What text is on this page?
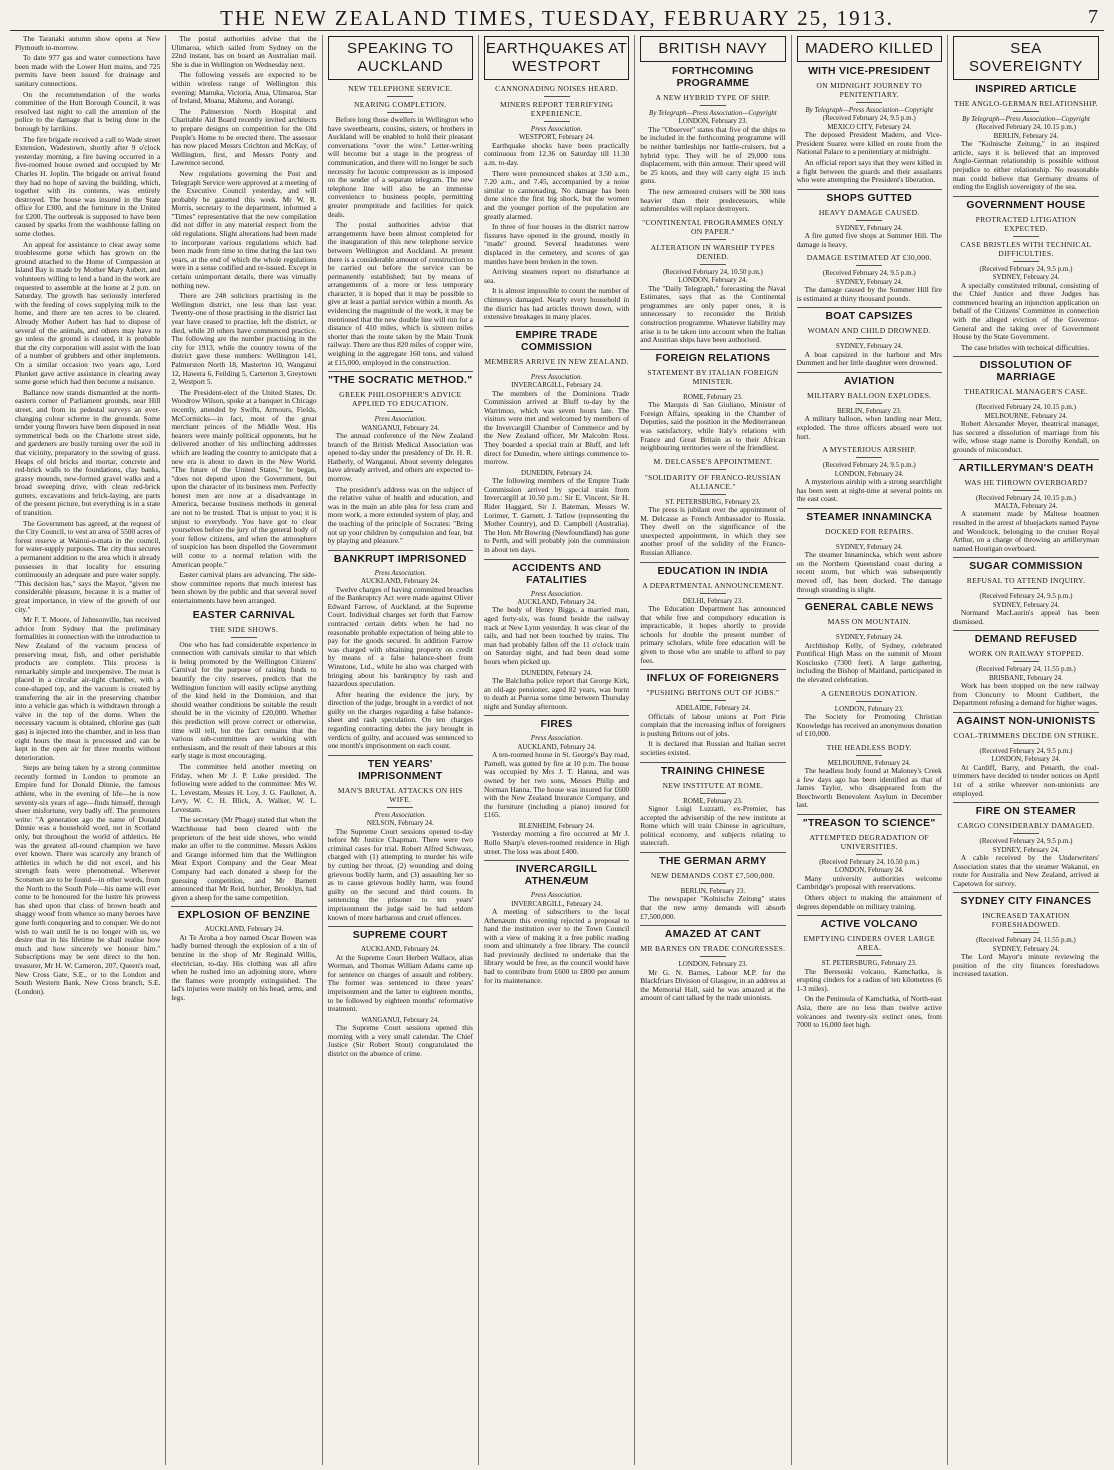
THE NEW ZEALAND TIMES, TUESDAY, FEBRUARY 25, 1913.	7

The Taranaki autumn show opens at New Plymouth to-morrow.

To date 977 gas and water connections have been made with the Lower Hutt mains, and 725 permits have been issued for drainage and sanitary connections.

On the recommendation of the works committee of the Hutt Borough Council, it was resolved last night to call the attention of the police to the damage that is being done in the borough by larrikins.

The fire brigade received a call to Wade street Extension, Wadestown, shortly after 9 o'clock yesterday morning, a fire having occurred in a five-roomed house owned and occupied by Mr Charles H. Joplin. The brigade on arrival found they had no hope of saving the building, which, together with its contents, was entirely destroyed. The house was insured in the State office for £300, and the furniture in the United for £200. The outbreak is supposed to have been caused by sparks from the washhouse falling on some clothes.

An appeal for assistance to clear away some troublesome gorse which has grown on the ground attached to the Home of Compassion at Island Bay is made by Mother Mary Aubert, and volunteers willing to lend a hand in the work are requested to assemble at the home at 2 p.m. on Saturday. The growth has seriously interfered with the feeding of cows supplying milk to the home, and there are ten acres to be cleared. Already Mother Aubert has had to dispose of several of the animals, and others may have to go unless the ground is cleared, it is probable that the city corporation will assist with the loan of a number of grubbers and other implements. On a similar occasion two years ago, Lord Plunket gave active assistance in clearing away some gorse which had then become a nuisance.

Ballance now stands dismantled at the north-eastern corner of Parliament grounds, near Hill street, and from its pedestal surveys an ever-changing colour scheme in the grounds. Some tender young flowers have been disposed in neat symmetrical beds on the Charlotte street side, and gardeners are busily turning over the soil in that vicinity, preparatory to the sowing of grass. Heaps of old bricks and mortar, concrete and red-brick walls to the foundations, clay banks, grassy mounds, new-formed gravel walks and a broad sweeping drive, with clean red-brick gutters, excavations and brick-laying, are parts of the present picture, but everything is in a state of transition.

The Government has agreed, at the request of the City Council, to vest an area of 5500 acres of forest reserve at Wainui-o-mata in the council, for water-supply purposes. The city thus secures a permanent addition to the area which it already possesses in that locality for ensuring continuously an adequate and pure water supply. "This decision has," says the Mayor, "given me considerable pleasure, because it is a matter of great importance, in view of the growth of our city."

Mr F. T. Moore, of Johnsonville, has received advice from Sydney that the preliminary formalities in connection with the introduction to New Zealand of the vacuum process of preserving meat, fish, and other perishable products are complete. This process is remarkably simple and inexpensive. The meat is placed in a circular air-tight chamber, with a cone-shaped top, and the vacuum is created by transferring the air in the preserving chamber into a vehicle gas which is withdrawn through a valve in the top of the dome. When the necessary vacuum is obtained, chlorine gas (salt gas) is injected into the chamber, and in less than eight hours the meat is processed and can be kept in the open air for three months without deterioration.

Steps are being taken by a strong committee recently formed in London to promote an Empire fund for Donald Dinnie, the famous athlete, who in the evening of life—he is now seventy-six years of age—finds himself, through sheer misfortune, very badly off. The promoters write: "A generation ago the name of Donald Dinnie was a household word, not in Scotland only, but throughout the world of athletics. He was the greatest all-round champion we have ever known. There was scarcely any branch of athletics in which he did not excel, and his strength feats were phenomenal. Wherever Scotsmen are to be found—in other words, from the North to the South Pole—his name will ever come to be honoured for the lustre his prowess has shed upon that class of brown heath and shaggy wood' from whence so many heroes have gone forth conquering and to conquer. We do not wish to wait until he is no longer with us, we desire that in his lifetime he shall realise how much and how sincerely we honour him." Subscriptions may be sent direct to the hon. treasurer, Mr H. W. Cameron, 207, Queen's road, New Cross Gate, S.E., or to the London and South Western Bank, New Cross branch, S.E. (London).

The postal authorities advise that the Ulimaroa, which sailed from Sydney on the 22nd instant, has on board an Australian mail. She is due in Wellington on Wednesday next.

The following vessels are expected to be within wireless range of Wellington this evening: Manuka, Victoria, Atua, Ulimaroa, Star of Ireland, Moana, Maheno, and Aorangi.

The Palmerston North Hospital and Charitable Aid Board recently invited architects to prepare designs on competition for the Old People's Home to be erected there. The assessor has now placed Messrs Crichton and McKay, of Wellington, first, and Messrs Ponty and Lawrence second.

New regulations governing the Post and Telegraph Service were approved at a meeting of the Executive Council yesterday, and will probably be gazetted this week. Mr W. R. Morris, secretary to the department, informed a "Times" representative that the new compilation did not differ in any material respect from the old regulations. Slight alterations had been made to incorporate various regulations which had been made from time to time during the last two years, at the end of which the whole regulations were in a sense codified and re-issued. Except in certain unimportant details, there was virtually nothing new.

There are 248 solicitors practising in the Wellington district, one less than last year. Twenty-one of those practising in the district last year have ceased to practise, left the district, or died, while 20 others have commenced practice. The following are the number practising in the city for 1913, while the country towns of the district gave these numbers: Wellington 141, Palmerston North 18, Masterton 10, Wanganui 12, Hawera 6, Feilding 5, Carterton 3, Greytown 2, Westport 5.

The President-elect of the United States, Dr. Woodrow Wilson, spoke at a banquet in Chicago recently, attended by Swifts, Armours, Fields, McCormicks—in fact, most of the great merchant princes of the Middle West. His hearers were mainly political opponents, but he delivered another of his unflinching addresses which are leading the country to anticipate that a new era is about to dawn in the New World. "The future of the United States," he began, "does not depend upon the Government, but upon the character of its business men. Perfectly honest men are now at a disadvantage in America, because business methods in general are not to be trusted. That is unjust to you; it is unjust to everybody. You have got to clear yourselves before the jury of the general body of your fellow citizens, and when the atmosphere of suspicion has been dispelled the Government will come to a normal relation with the American people."

Easter carnival plans are advancing. The side-show committee reports that much interest has been shown by the public and that several novel entertainments have been arranged.

EASTER CARNIVAL
THE SIDE SHOWS.

One who has had considerable experience in connection with carnivals similar to that which is being promoted by the Wellington Citizens' Carnival for the purpose of raising funds to beautify the city reserves, predicts that the Wellington function will easily eclipse anything of the kind held in the Dominion, and that should weather conditions be suitable the result should be in the vicinity of £20,000. Whether this prediction will prove correct or otherwise, time will tell, but the fact remains that the various sub-committees are working with enthusiasm, and the result of their labours at this early stage is most encouraging.

The committee held another meeting on Friday, when Mr J. P. Luke presided. The following were added to the committee: Mrs W. L. Levestam, Messrs H. Loy, J. G. Faulkner, A. Levy, W. C. H. Blick, A. Walker, W. L. Levestam.

The secretary (Mr Phage) stated that when the Watchhouse had been cleared with the proprietors of the best side shows, who would make an offer to the committee. Messrs Askins and Grange informed him that the Wellington Meat Export Company and the Gear Meat Company had each donated a sheep for the guessing competition, and Mr Barnett announced that Mr Reid, butcher, Brooklyn, had given a sheep for the same competition.

EXPLOSION OF BENZINE
AUCKLAND, February 24.

At Te Aroha a boy named Oscar Bowen was badly burned through the explosion of a tin of benzine in the shop of Mr Reginald Willis, electrician, to-day. His clothing was all afire when he rushed into an adjoining store, where the flames were promptly extinguished. The lad's injuries were mainly on his head, arms, and legs.

SPEAKING TO AUCKLAND
NEW TELEPHONE SERVICE.
NEARING COMPLETION.

Before long those dwellers in Wellington who have sweethearts, cousins, sisters, or brothers in Auckland will be enabled to hold their pleasant conversations "over the wire." Letter-writing will become but a stage in the progress of communication, and there will no longer be such necessity for laconic compression as is imposed on the sender of a separate telegram. The new telephone line will also be an immense convenience to business people, permitting greater promptitude and facilities for quick deals.

The postal authorities advise that arrangements have been almost completed for the inauguration of this new telephone service between Wellington and Auckland. At present there is a considerable amount of construction to be carried out before the service can be permanently established; but by means of arrangements of a more or less temporary character, it is hoped that it may be possible to give at least a partial service within a month. As evidencing the magnitude of the work, it may be mentioned that the new double line will run for a distance of 410 miles, which is sixteen miles shorter than the route taken by the Main Trunk railway. There are thus 820 miles of copper wire, weighing in the aggregate 160 tons, and valued at £15,000, employed in the construction.

"THE SOCRATIC METHOD."
GREEK PHILOSOPHER'S ADVICE APPLIED TO EDUCATION.
Press Association.
WANGANUI, February 24.

The annual conference of the New Zealand branch of the British Medical Association was opened to-day under the presidency of Dr. H. R. Hatherly, of Wanganui. About seventy delegates have already arrived, and others are expected to-morrow.

The president's address was on the subject of the relative value of health and education, and was in the main an able plea for less cram and more work, a more extended system of play, and the teaching of the principle of Socrates: "Bring not up your children by compulsion and fear, but by playing and pleasure."

BANKRUPT IMPRISONED
Press Association.
AUCKLAND, February 24.

Twelve charges of having committed breaches of the Bankruptcy Act were made against Oliver Edward Farrow, of Auckland, at the Supreme Court. Individual charges set forth that Farrow contracted certain debts when he had no reasonable probable expectation of being able to pay for the goods secured. In addition Farrow was charged with obtaining property on credit by means of a false balance-sheet from Winstone, Ltd., while he also was charged with bringing about his bankruptcy by rash and hazardous speculation.

After hearing the evidence the jury, by direction of the judge, brought in a verdict of not guilty on the charges regarding a false balance-sheet and rash speculation. On ten charges regarding contracting debts the jury brought in verdicts of guilty, and accused was sentenced to one month's imprisonment on each count.

TEN YEARS' IMPRISONMENT
MAN'S BRUTAL ATTACKS ON HIS WIFE.
Press Association.
NELSON, February 24.

The Supreme Court sessions opened to-day before Mr Justice Chapman. There were two criminal cases for trial. Robert Alfred Schwass, charged with (1) attempting to murder his wife by cutting her throat, (2) wounding and doing grievous bodily harm, and (3) assaulting her so as to cause grievous bodily harm, was found guilty on the second and third counts. In sentencing the prisoner to ten years' imprisonment the judge said he had seldom known of more barbarous and cruel offences.

SUPREME COURT
AUCKLAND, February 24.

At the Supreme Court Herbert Wallace, alias Worman, and Thomas William Adams came up for sentence on charges of assault and robbery. The former was sentenced to three years' imprisonment and the latter to eighteen months, to be followed by eighteen months' reformative treatment.

WANGANUI, February 24.

The Supreme Court sessions opened this morning with a very small calendar. The Chief Justice (Sir Robert Stout) congratulated the district on the absence of crime.

EARTHQUAKES AT WESTPORT
CANNONADING NOISES HEARD.
MINERS REPORT TERRIFYING EXPERIENCE.
Press Association.
WESTPORT, February 24.

Earthquake shocks have been practically continuous from 12.36 on Saturday till 11.30 a.m. to-day.

There were pronounced shakes at 3.50 a.m., 7.20 a.m., and 7.45, accompanied by a noise similar to cannonading. No damage has been done since the first big shock, but the women and the younger portion of the population are greatly alarmed.

In three of four houses in the district narrow fissures have opened in the ground, mostly in "made" ground. Several headstones were displaced in the cemetery, and scores of gas mantles have been broken in the town.

Arriving steamers report no disturbance at sea.

It is almost impossible to count the number of chimneys damaged. Nearly every household in the district has had articles thrown down, with extensive breakages in many places.

EMPIRE TRADE COMMISSION
MEMBERS ARRIVE IN NEW ZEALAND.
Press Association.
INVERCARGILL, February 24.

The members of the Dominions Trade Commission arrived at Bluff to-day by the Warrimoo, which was seven hours late. The visitors were met and welcomed by members of the Invercargill Chamber of Commerce and by the New Zealand officer, Mr Malcolm Ross. They boarded a special train at Bluff, and left direct for Dunedin, where sittings commence to-morrow.

DUNEDIN, February 24.

The following members of the Empire Trade Commission arrived by special train from Invercargill at 10.50 p.m.: Sir E. Vincent, Sir H. Rider Haggard, Sir J. Bateman, Messrs W. Lorimer, T. Garnett, J. Tatlow (representing the Mother Country), and D. Campbell (Australia). The Hon. Mr Bowring (Newfoundland) has gone to Perth, and will probably join the commission in about ten days.

ACCIDENTS AND FATALITIES
Press Association.
AUCKLAND, February 24.

The body of Henry Biggs, a married man, aged forty-six, was found beside the railway track at New Lynn yesterday. It was clear of the rails, and had not been touched by trains. The man had probably fallen off the 11 o'clock train on Saturday night, and had been dead some hours when picked up.

DUNEDIN, February 24.

The Balclutha police report that George Kirk, an old-age pensioner, aged 82 years, was burnt to death at Puerua some time between Thursday night and Sunday afternoon.

FIRES
Press Association.
AUCKLAND, February 24.

A ten-roomed house in St. George's Bay road, Parnell, was gutted by fire at 10 p.m. The house was occupied by Mrs J. T. Hanna, and was owned by her two sons, Messrs Philip and Norman Hanna. The house was insured for £600 with the New Zealand Insurance Company, and the furniture (including a piano) insured for £165.

BLENHEIM, February 24.

Yesterday morning a fire occurred at Mr J. Rollo Sharp's eleven-roomed residence in High street. The loss was about £400.

INVERCARGILL ATHENÆUM
Press Association.
INVERCARGILL, February 24.

A meeting of subscribers to the local Athenæum this evening rejected a proposal to hand the institution over to the Town Council with a view of making it a free public reading room and ultimately a free library. The council had previously declined to undertake that the library would be free, as the council would have had to contribute from £600 to £800 per annum for its maintenance.

BRITISH NAVY
FORTHCOMING PROGRAMME
A NEW HYBRID TYPE OF SHIP.
By Telegraph—Press Association—Copyright
LONDON, February 23.

The "Observer" states that five of the ships to be included in the forthcoming programme will be neither battleships nor battle-cruisers, but a hybrid type. They will be of 29,000 tons displacement, with thin armour. Their speed will be 25 knots, and they will carry eight 15 inch guns.

The new armoured cruisers will be 300 tons heavier than their predecessors, while submersibles will replace destroyers.

"CONTINENTAL PROGRAMMES ONLY ON PAPER."
ALTERATION IN WARSHIP TYPES DENIED.
(Received February 24, 10.50 p.m.)
LONDON, February 24.

The "Daily Telegraph," forecasting the Naval Estimates, says that as the Continental programmes are only paper ones, it is unnecessary to reconsider the British construction programme. Whatever liability may arise is to be taken into account when the Italian and Austrian ships have been authorised.

FOREIGN RELATIONS
STATEMENT BY ITALIAN FOREIGN MINISTER.
ROME, February 23.

The Marquis di San Giuliano, Minister of Foreign Affairs, speaking in the Chamber of Deputies, said the position in the Mediterranean was satisfactory, while Italy's relations with France and Great Britain as to their African neighbouring territories were of the friendliest.

M. DELCASSE'S APPOINTMENT.
"SOLIDARITY OF FRANCO-RUSSIAN ALLIANCE."
ST. PETERSBURG, February 23.

The press is jubilant over the appointment of M. Delcasse as French Ambassador to Russia. They dwell on the significance of the unexpected appointment, in which they see another proof of the solidity of the Franco-Russian Alliance.

EDUCATION IN INDIA
A DEPARTMENTAL ANNOUNCEMENT.
DELHI, February 23.

The Education Department has announced that while free and compulsory education is impracticable, it hopes shortly to provide schools for double the present number of primary scholars, while free education will be given to those who are unable to afford to pay fees.

INFLUX OF FOREIGNERS
"PUSHING BRITONS OUT OF JOBS."
ADELAIDE, February 24.

Officials of labour unions at Port Pirie complain that the increasing influx of foreigners is pushing Britons out of jobs.

It is declared that Russian and Italian secret societies existed.

TRAINING CHINESE
NEW INSTITUTE AT ROME.
ROME, February 23.

Signor Luigi Luzzatti, ex-Premier, has accepted the advisership of the new institute at Rome which will train Chinese in agriculture, political economy, and subjects relating to statecraft.

THE GERMAN ARMY
NEW DEMANDS COST £7,500,000.
BERLIN, February 23.

The newspaper "Kolnische Zeitung" states that the new army demands will absorb £7,500,000.

AMAZED AT CANT
MR BARNES ON TRADE CONGRESSES.
LONDON, February 23.

Mr G. N. Barnes, Labour M.P. for the Blackfriars Division of Glasgow, in an address at the Memorial Hall, said he was amazed at the amount of cant talked by the trade unionists.

MADERO KILLED
WITH VICE-PRESIDENT
ON MIDNIGHT JOURNEY TO PENITENTIARY.
By Telegraph—Press Association—Copyright
(Received February 24, 9.5 p.m.)
MEXICO CITY, February 24.

The deposed President Madero, and Vice-President Suarez were killed en route from the National Palace to a penitentiary at midnight.

An official report says that they were killed in a fight between the guards and their assailants who were attempting the President's liberation.

SHOPS GUTTED
HEAVY DAMAGE CAUSED.
SYDNEY, February 24.

A fire gutted five shops at Summer Hill. The damage is heavy.

DAMAGE ESTIMATED AT £30,000.
(Received February 24, 9.5 p.m.)
SYDNEY, February 24.

The damage caused by the Summer Hill fire is estimated at thirty thousand pounds.

BOAT CAPSIZES
WOMAN AND CHILD DROWNED.
SYDNEY, February 24.

A boat capsized in the harbour and Mrs Dummett and her little daughter were drowned.

AVIATION
MILITARY BALLOON EXPLODES.
BERLIN, February 23.

A military balloon, when landing near Metz, exploded. The three officers aboard were not hurt.

A MYSTERIOUS AIRSHIP.
(Received February 24, 9.5 p.m.)
LONDON, February 24.

A mysterious airship with a strong searchlight has been seen at night-time at several points on the east coast.

STEAMER INNAMINCKA
DOCKED FOR REPAIRS.
SYDNEY, February 24.

The steamer Innamincka, which went ashore on the Northern Queensland coast during a recent storm, but which was subsequently moved off, has been docked. The damage through stranding is slight.

GENERAL CABLE NEWS
MASS ON MOUNTAIN.
SYDNEY, February 24.

Archbishop Kelly, of Sydney, celebrated Pontifical High Mass on the summit of Mount Kosciusko (7300 feet). A large gathering, including the Bishop of Maitland, participated in the elevated celebration.

A GENEROUS DONATION.
LONDON, February 23.

The Society for Promoting Christian Knowledge has received an anonymous donation of £10,000.

THE HEADLESS BODY.
MELBOURNE, February 24.

The headless body found at Maloney's Creek a few days ago has been identified as that of James Taylor, who disappeared from the Beechworth Benevolent Asylum in December last.

"TREASON TO SCIENCE"
ATTEMPTED DEGRADATION OF UNIVERSITIES.
(Received February 24, 10.50 p.m.)
LONDON, February 24.

Many university authorities welcome Cambridge's proposal with reservations.

Others object to making the attainment of degrees dependable on military training.

ACTIVE VOLCANO
EMPTYING CINDERS OVER LARGE AREA.
ST. PETERSBURG, February 23.

The Beresoski volcano, Kamchatka, is erupting cinders for a radius of ten kilometres (6 1-3 miles).

On the Peninsula of Kamchatka, of North-east Asia, there are no less than twelve active volcanoes and twenty-six extinct ones, from 7000 to 16,000 feet high.

SEA SOVEREIGNTY
INSPIRED ARTICLE
THE ANGLO-GERMAN RELATIONSHIP.
By Telegraph—Press Association—Copyright
(Received February 24, 10.15 p.m.)
BERLIN, February 24.

The "Kolnische Zeitung," in an inspired article, says it is believed that an improved Anglo-German relationship is possible without prejudice to either relationship. No reasonable man could believe that Germany dreams of ending the English sovereignty of the sea.

GOVERNMENT HOUSE
PROTRACTED LITIGATION EXPECTED.
CASE BRISTLES WITH TECHNICAL DIFFICULTIES.
(Received February 24, 9.5 p.m.)
SYDNEY, February 24.

A specially constituted tribunal, consisting of the Chief Justice and three Judges has commenced hearing an injunction application on behalf of the Citizens' Committee in connection with the alleged eviction of the Governor-General and the taking over of Government House by the State Government.

The case bristles with technical difficulties.

DISSOLUTION OF MARRIAGE
THEATRICAL MANAGER'S CASE.
(Received February 24, 10.15 p.m.)
MELBOURNE, February 24.

Robert Alexander Meyer, theatrical manager, has secured a dissolution of marriage from his wife, whose stage name is Dorothy Kendall, on grounds of misconduct.

ARTILLERYMAN'S DEATH
WAS HE THROWN OVERBOARD?
(Received February 24, 10.15 p.m.)
MALTA, February 24.

A statement made by Maltese boatmen resulted in the arrest of bluejackets named Payne and Woodcock, belonging to the cruiser Royal Arthur, on a charge of throwing an artilleryman named Hourigan overboard.

SUGAR COMMISSION
REFUSAL TO ATTEND INQUIRY.
(Received February 24, 9.5 p.m.)
SYDNEY, February 24.

Normand MacLaurin's appeal has been dismissed.

DEMAND REFUSED
WORK ON RAILWAY STOPPED.
(Received February 24, 11.55 p.m.)
BRISBANE, February 24.

Work has been stopped on the new railway from Cloncurry to Mount Cuthbert, the Department refusing a demand for higher wages.

AGAINST NON-UNIONISTS
COAL-TRIMMERS DECIDE ON STRIKE.
(Received February 24, 9.5 p.m.)
LONDON, February 24.

At Cardiff, Barry, and Penarth, the coal-trimmers have decided to tender notices on April 1st of a strike wherever non-unionists are employed.

FIRE ON STEAMER
CARGO CONSIDERABLY DAMAGED.
(Received February 24, 9.5 p.m.)
SYDNEY, February 24.

A cable received by the Underwriters' Association states that the steamer Wakanui, en route for Australia and New Zealand, arrived at Capetown for survey.

SYDNEY CITY FINANCES
INCREASED TAXATION FORESHADOWED.
(Received February 24, 11.55 p.m.)
SYDNEY, February 24.

The Lord Mayor's minute reviewing the position of the city finances foreshadows increased taxation.
